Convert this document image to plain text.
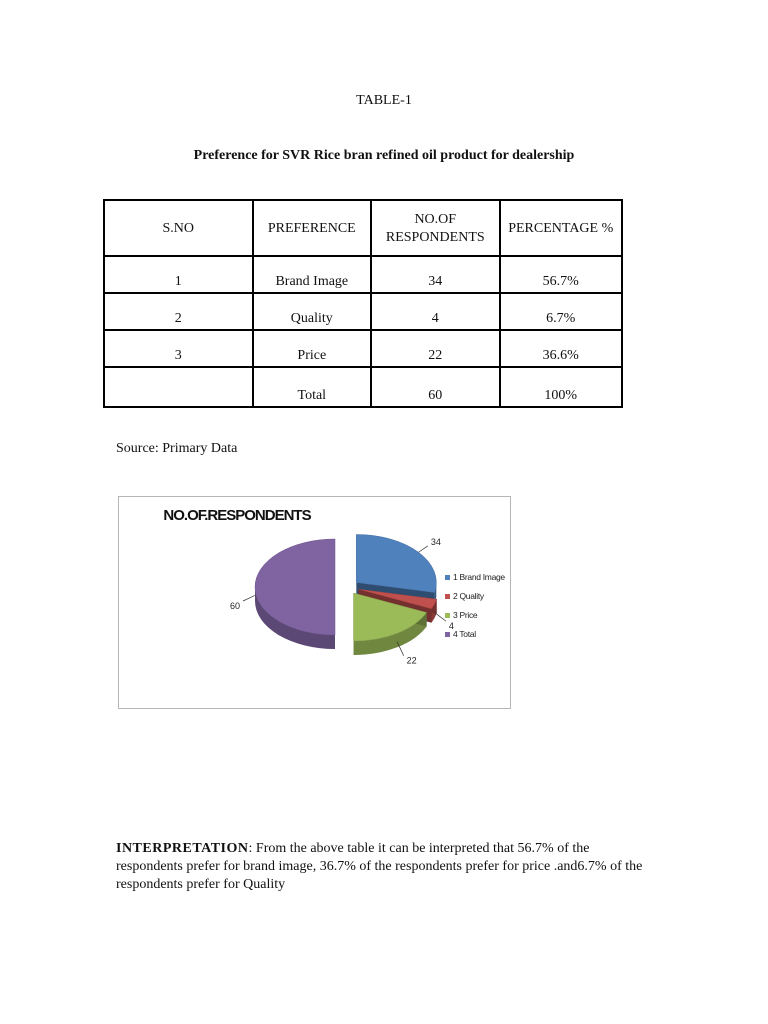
TABLE-1
Preference for SVR Rice bran refined oil product for dealership
S.NO	PREFERENCE	NO.OF RESPONDENTS	PERCENTAGE %
1	Brand Image	34	56.7%
2	Quality	4	6.7%
3	Price	22	36.6%
	Total	60	100%
Source: Primary Data
NO.OF.RESPONDENTS
34
4
22
60
1 Brand Image
2 Quality
3 Price
4 Total
INTERPRETATION: From the above table it can be interpreted that 56.7% of the respondents prefer for brand image, 36.7% of the respondents prefer for price .and6.7% of the respondents prefer for Quality
